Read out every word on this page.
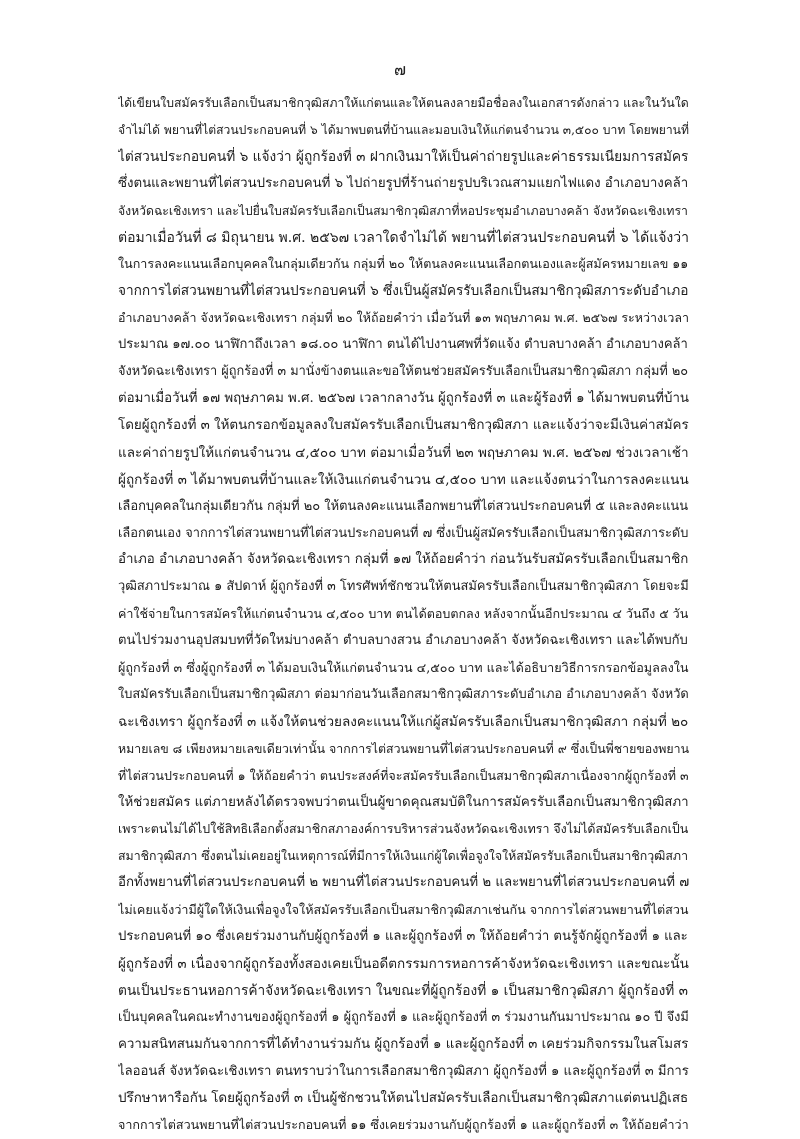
๗
ได้เขียนใบสมัครรับเลือกเป็นสมาชิกวุฒิสภาให้แก่ตนและให้ตนลงลายมือชื่อลงในเอกสารดังกล่าว และในวันใด
จำไม่ได้ พยานที่ไต่สวนประกอบคนที่ ๖ ได้มาพบตนที่บ้านและมอบเงินให้แก่ตนจำนวน ๓,๕๐๐ บาท โดยพยานที่
ไต่สวนประกอบคนที่ ๖ แจ้งว่า ผู้ถูกร้องที่ ๓ ฝากเงินมาให้เป็นค่าถ่ายรูปและค่าธรรมเนียมการสมัคร
ซึ่งตนและพยานที่ไต่สวนประกอบคนที่ ๖ ไปถ่ายรูปที่ร้านถ่ายรูปบริเวณสามแยกไฟแดง อำเภอบางคล้า
จังหวัดฉะเชิงเทรา และไปยื่นใบสมัครรับเลือกเป็นสมาชิกวุฒิสภาที่หอประชุมอำเภอบางคล้า จังหวัดฉะเชิงเทรา
ต่อมาเมื่อวันที่ ๘ มิถุนายน พ.ศ. ๒๕๖๗ เวลาใดจำไม่ได้ พยานที่ไต่สวนประกอบคนที่ ๖ ได้แจ้งว่า
ในการลงคะแนนเลือกบุคคลในกลุ่มเดียวกัน กลุ่มที่ ๒๐ ให้ตนลงคะแนนเลือกตนเองและผู้สมัครหมายเลข ๑๑
จากการไต่สวนพยานที่ไต่สวนประกอบคนที่ ๖ ซึ่งเป็นผู้สมัครรับเลือกเป็นสมาชิกวุฒิสภาระดับอำเภอ
อำเภอบางคล้า จังหวัดฉะเชิงเทรา กลุ่มที่ ๒๐ ให้ถ้อยคำว่า เมื่อวันที่ ๑๓ พฤษภาคม พ.ศ. ๒๕๖๗ ระหว่างเวลา
ประมาณ ๑๗.๐๐ นาฬิกาถึงเวลา ๑๘.๐๐ นาฬิกา ตนได้ไปงานศพที่วัดแจ้ง ตำบลบางคล้า อำเภอบางคล้า
จังหวัดฉะเชิงเทรา ผู้ถูกร้องที่ ๓ มานั่งข้างตนและขอให้ตนช่วยสมัครรับเลือกเป็นสมาชิกวุฒิสภา กลุ่มที่ ๒๐
ต่อมาเมื่อวันที่ ๑๗ พฤษภาคม พ.ศ. ๒๕๖๗ เวลากลางวัน ผู้ถูกร้องที่ ๓ และผู้ร้องที่ ๑ ได้มาพบตนที่บ้าน
โดยผู้ถูกร้องที่ ๓ ให้ตนกรอกข้อมูลลงใบสมัครรับเลือกเป็นสมาชิกวุฒิสภา และแจ้งว่าจะมีเงินค่าสมัคร
และค่าถ่ายรูปให้แก่ตนจำนวน ๔,๕๐๐ บาท ต่อมาเมื่อวันที่ ๒๓ พฤษภาคม พ.ศ. ๒๕๖๗ ช่วงเวลาเช้า
ผู้ถูกร้องที่ ๓ ได้มาพบตนที่บ้านและให้เงินแก่ตนจำนวน ๔,๕๐๐ บาท และแจ้งตนว่าในการลงคะแนน
เลือกบุคคลในกลุ่มเดียวกัน กลุ่มที่ ๒๐ ให้ตนลงคะแนนเลือกพยานที่ไต่สวนประกอบคนที่ ๕ และลงคะแนน
เลือกตนเอง จากการไต่สวนพยานที่ไต่สวนประกอบคนที่ ๗ ซึ่งเป็นผู้สมัครรับเลือกเป็นสมาชิกวุฒิสภาระดับ
อำเภอ อำเภอบางคล้า จังหวัดฉะเชิงเทรา กลุ่มที่ ๑๗ ให้ถ้อยคำว่า ก่อนวันรับสมัครรับเลือกเป็นสมาชิก
วุฒิสภาประมาณ ๑ สัปดาห์ ผู้ถูกร้องที่ ๓ โทรศัพท์ชักชวนให้ตนสมัครรับเลือกเป็นสมาชิกวุฒิสภา โดยจะมี
ค่าใช้จ่ายในการสมัครให้แก่ตนจำนวน ๔,๕๐๐ บาท ตนได้ตอบตกลง หลังจากนั้นอีกประมาณ ๔ วันถึง ๕ วัน
ตนไปร่วมงานอุปสมบทที่วัดใหม่บางคล้า ตำบลบางสวน อำเภอบางคล้า จังหวัดฉะเชิงเทรา และได้พบกับ
ผู้ถูกร้องที่ ๓ ซึ่งผู้ถูกร้องที่ ๓ ได้มอบเงินให้แก่ตนจำนวน ๔,๕๐๐ บาท และได้อธิบายวิธีการกรอกข้อมูลลงใน
ใบสมัครรับเลือกเป็นสมาชิกวุฒิสภา ต่อมาก่อนวันเลือกสมาชิกวุฒิสภาระดับอำเภอ อำเภอบางคล้า จังหวัด
ฉะเชิงเทรา ผู้ถูกร้องที่ ๓ แจ้งให้ตนช่วยลงคะแนนให้แก่ผู้สมัครรับเลือกเป็นสมาชิกวุฒิสภา กลุ่มที่ ๒๐
หมายเลข ๘ เพียงหมายเลขเดียวเท่านั้น จากการไต่สวนพยานที่ไต่สวนประกอบคนที่ ๙ ซึ่งเป็นพี่ชายของพยาน
ที่ไต่สวนประกอบคนที่ ๑ ให้ถ้อยคำว่า ตนประสงค์ที่จะสมัครรับเลือกเป็นสมาชิกวุฒิสภาเนื่องจากผู้ถูกร้องที่ ๓
ให้ช่วยสมัคร แต่ภายหลังได้ตรวจพบว่าตนเป็นผู้ขาดคุณสมบัติในการสมัครรับเลือกเป็นสมาชิกวุฒิสภา
เพราะตนไม่ได้ไปใช้สิทธิเลือกตั้งสมาชิกสภาองค์การบริหารส่วนจังหวัดฉะเชิงเทรา จึงไม่ได้สมัครรับเลือกเป็น
สมาชิกวุฒิสภา ซึ่งตนไม่เคยอยู่ในเหตุการณ์ที่มีการให้เงินแก่ผู้ใดเพื่อจูงใจให้สมัครรับเลือกเป็นสมาชิกวุฒิสภา
อีกทั้งพยานที่ไต่สวนประกอบคนที่ ๒ พยานที่ไต่สวนประกอบคนที่ ๒ และพยานที่ไต่สวนประกอบคนที่ ๗
ไม่เคยแจ้งว่ามีผู้ใดให้เงินเพื่อจูงใจให้สมัครรับเลือกเป็นสมาชิกวุฒิสภาเช่นกัน จากการไต่สวนพยานที่ไต่สวน
ประกอบคนที่ ๑๐ ซึ่งเคยร่วมงานกับผู้ถูกร้องที่ ๑ และผู้ถูกร้องที่ ๓ ให้ถ้อยคำว่า ตนรู้จักผู้ถูกร้องที่ ๑ และ
ผู้ถูกร้องที่ ๓ เนื่องจากผู้ถูกร้องทั้งสองเคยเป็นอดีตกรรมการหอการค้าจังหวัดฉะเชิงเทรา และขณะนั้น
ตนเป็นประธานหอการค้าจังหวัดฉะเชิงเทรา ในขณะที่ผู้ถูกร้องที่ ๑ เป็นสมาชิกวุฒิสภา ผู้ถูกร้องที่ ๓
เป็นบุคคลในคณะทำงานของผู้ถูกร้องที่ ๑ ผู้ถูกร้องที่ ๑ และผู้ถูกร้องที่ ๓ ร่วมงานกันมาประมาณ ๑๐ ปี จึงมี
ความสนิทสนมกันจากการที่ได้ทำงานร่วมกัน ผู้ถูกร้องที่ ๑ และผู้ถูกร้องที่ ๓ เคยร่วมกิจกรรมในสโมสร
ไลออนส์ จังหวัดฉะเชิงเทรา ตนทราบว่าในการเลือกสมาชิกวุฒิสภา ผู้ถูกร้องที่ ๑ และผู้ถูกร้องที่ ๓ มีการ
ปรึกษาหารือกัน โดยผู้ถูกร้องที่ ๓ เป็นผู้ชักชวนให้ตนไปสมัครรับเลือกเป็นสมาชิกวุฒิสภาแต่ตนปฏิเสธ
จากการไต่สวนพยานที่ไต่สวนประกอบคนที่ ๑๑ ซึ่งเคยร่วมงานกับผู้ถูกร้องที่ ๑ และผู้ถูกร้องที่ ๓ ให้ถ้อยคำว่า
